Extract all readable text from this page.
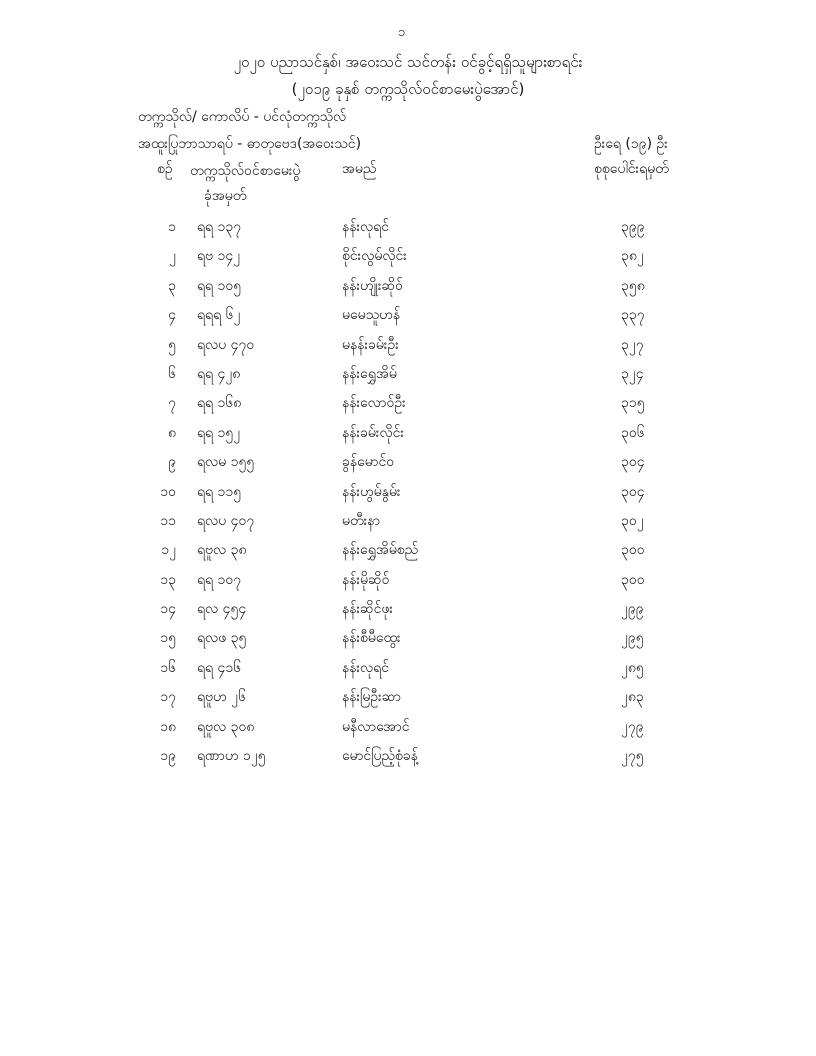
၁
၂၀၂၀ ပညာသင်နှစ်၊ အဝေးသင် သင်တန်း ဝင်ခွင့်ရရှိသူများစာရင်း
(၂၀၁၉ ခုနှစ် တက္ကသိုလ်ဝင်စာမေးပွဲအောင်)
တက္ကသိုလ်/ ကောလိပ် - ပင်လုံတက္ကသိုလ်
အထူးပြုဘာသာရပ် - ဓာတုဗေဒ(အဝေးသင်)	ဦးရေ (၁၉) ဦး
စဉ် တက္ကသိုလ်ဝင်စာမေးပွဲ
ခုံအမှတ်
အမည်	စုစုပေါင်းရမှတ်
၁ ရရ ၁၃၇	နန်းလုရင်	၃၉၉
၂ ရဗ ၁၄၂	စိုင်းလွမ်လိုင်း	၃၈၂
၃ ရရ ၁၀၅	နန်းဟျိုးဆိုဝ်	၃၅၈
၄ ရရရ ၆၂	မမေသူဟန်	၃၃၇
၅ ရလပ ၄၇၀	မနန်းခမ်းဦး	၃၂၇
၆ ရရ ၄၂၈	နန်းရွှေအိမ်	၃၂၄
၇ ရရ ၁၆၈	နန်းလောဝ်ဦး	၃၁၅
၈ ရရ ၁၅၂	နန်းခမ်းလိုင်း	၃၀၆
၉ ရလမ ၁၅၅	ခွန်မောင်ဝ	၃၀၄
၁၀ ရရ ၁၁၅	နန်းဟွမ်နွမ်း	၃၀၄
၁၁ ရလပ ၄၀၇	မတီးနာ	၃၀၂
၁၂ ရဗူလ ၃၈	နန်းရွှေအိမ်စည်	၃၀၀
၁၃ ရရ ၁၀၇	နန်းမိုဆိုဝ်	၃၀၀
၁၄ ရလ ၄၅၄	နန်းဆိုင်ဖုး	၂၉၉
၁၅ ရလဖ ၃၅	နန်းစီမီထွေး	၂၉၅
၁၆ ရရ ၄၁၆	နန်းလုရင်	၂၈၅
၁၇ ရဗူဟ ၂၆	နန်းမြဦးဆာ	၂၈၃
၁၈ ရဗူလ ၃၀၈	မနီလာအောင်	၂၇၉
၁၉ ရဏာဟ ၁၂၅	မောင်ပြည့်စုံခန့်	၂၇၅
